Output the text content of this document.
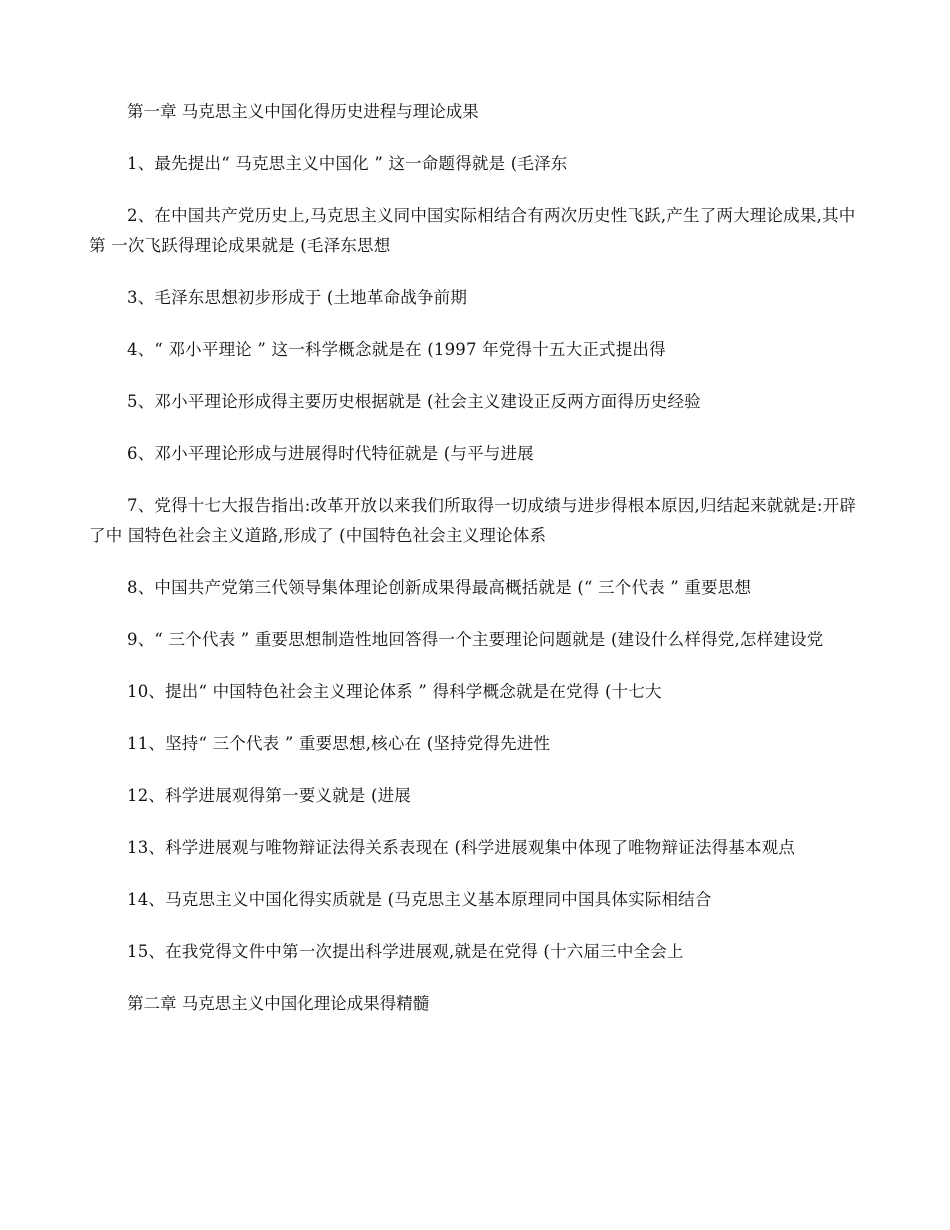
第一章 马克思主义中国化得历史进程与理论成果

1、最先提出“ 马克思主义中国化 ” 这一命题得就是 (毛泽东

2、在中国共产党历史上,马克思主义同中国实际相结合有两次历史性飞跃,产生了两大理论成果,其中第 一次飞跃得理论成果就是 (毛泽东思想

3、毛泽东思想初步形成于 (土地革命战争前期

4、“ 邓小平理论 ” 这一科学概念就是在 (1997 年党得十五大正式提出得

5、邓小平理论形成得主要历史根据就是 (社会主义建设正反两方面得历史经验

6、邓小平理论形成与进展得时代特征就是 (与平与进展

7、党得十七大报告指出:改革开放以来我们所取得一切成绩与进步得根本原因,归结起来就就是:开辟了中 国特色社会主义道路,形成了 (中国特色社会主义理论体系

8、中国共产党第三代领导集体理论创新成果得最高概括就是 (“ 三个代表 ” 重要思想

9、“ 三个代表 ” 重要思想制造性地回答得一个主要理论问题就是 (建设什么样得党,怎样建设党

10、提出“ 中国特色社会主义理论体系 ” 得科学概念就是在党得 (十七大

11、坚持“ 三个代表 ” 重要思想,核心在 (坚持党得先进性

12、科学进展观得第一要义就是 (进展

13、科学进展观与唯物辩证法得关系表现在 (科学进展观集中体现了唯物辩证法得基本观点

14、马克思主义中国化得实质就是 (马克思主义基本原理同中国具体实际相结合

15、在我党得文件中第一次提出科学进展观,就是在党得 (十六届三中全会上

第二章 马克思主义中国化理论成果得精髓
